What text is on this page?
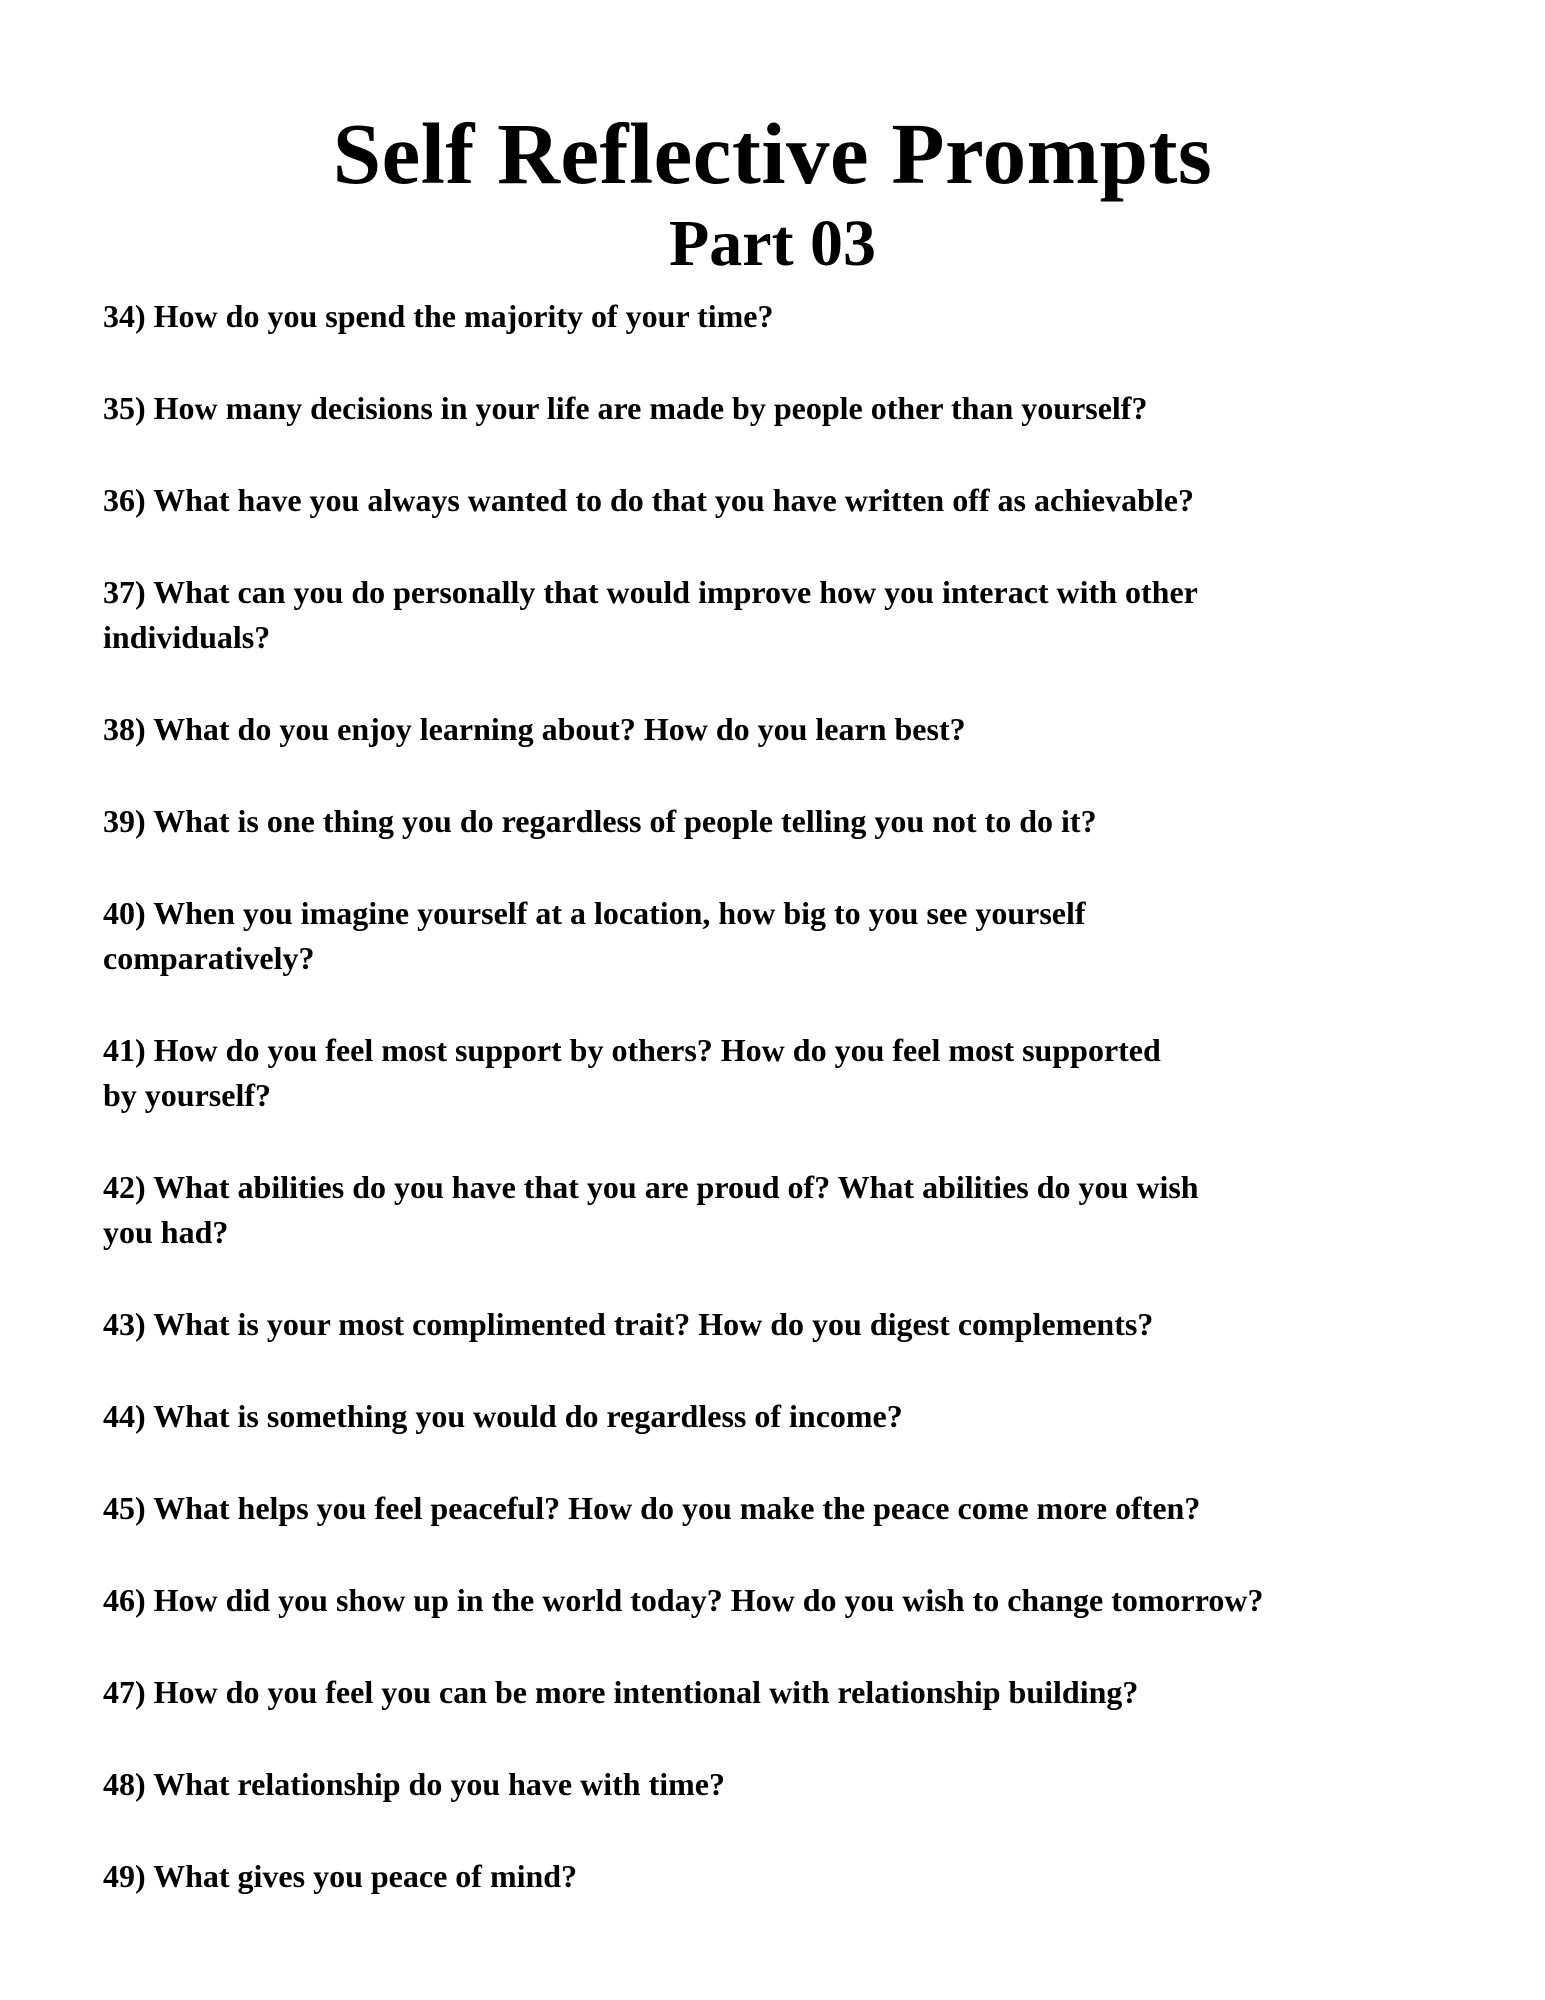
Self Reflective Prompts
Part 03

34) How do you spend the majority of your time?

35) How many decisions in your life are made by people other than yourself?

36) What have you always wanted to do that you have written off as achievable?

37) What can you do personally that would improve how you interact with other
individuals?

38) What do you enjoy learning about? How do you learn best?

39) What is one thing you do regardless of people telling you not to do it?

40) When you imagine yourself at a location, how big to you see yourself
comparatively?

41) How do you feel most support by others? How do you feel most supported
by yourself?

42) What abilities do you have that you are proud of? What abilities do you wish
you had?

43) What is your most complimented trait? How do you digest complements?

44) What is something you would do regardless of income?

45) What helps you feel peaceful? How do you make the peace come more often?

46) How did you show up in the world today? How do you wish to change tomorrow?

47) How do you feel you can be more intentional with relationship building?

48) What relationship do you have with time?

49) What gives you peace of mind?
